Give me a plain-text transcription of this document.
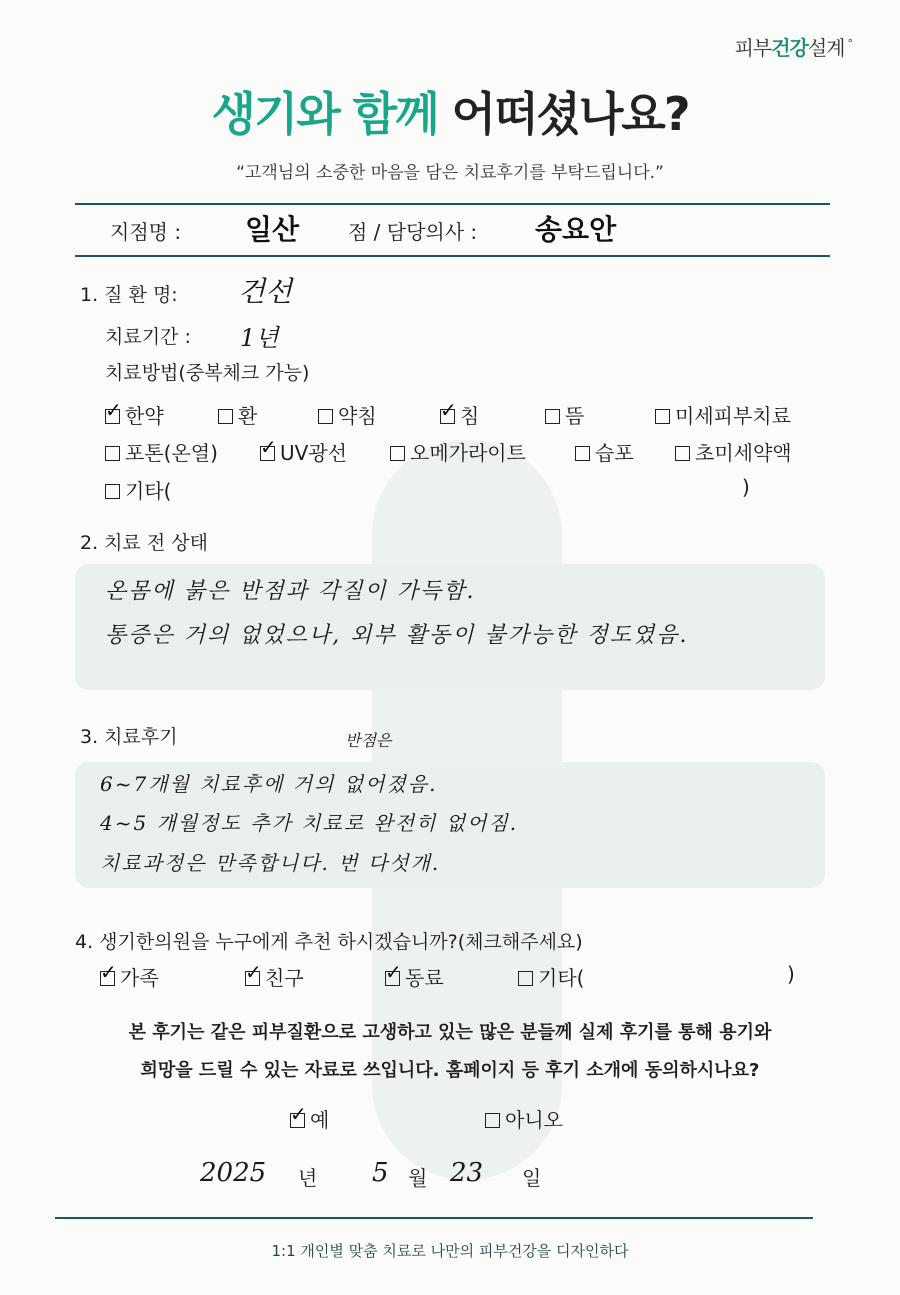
피부건강설계 °
생기와 함께 어떠셨나요?
“고객님의 소중한 마음을 담은 치료후기를 부탁드립니다.”
지점명 : 일산 점 / 담당의사 : 송요안
1. 질 환 명: 건선
치료기간 : 1년
치료방법(중복체크 가능)
✓한약	환	약침 ✓	침	뜸	미세피부치료
포톤(온열) ✓	UV광선	오메가라이트	습포	초미세약액
기타(	)
2. 치료 전 상태
온몸에 붉은 반점과 각질이 가득함.
통증은 거의 없었으나, 외부 활동이 불가능한 정도였음.
3. 치료후기	반점은
6~7개월 치료후에 거의 없어졌음.
4~5 개월정도 추가 치료로 완전히 없어짐.
치료과정은 만족합니다. 번 다섯개.
4. 생기한의원을 누구에게 추천 하시겠습니까?(체크해주세요)
✓가족 ✓	친구 ✓	동료	기타(	)
본 후기는 같은 피부질환으로 고생하고 있는 많은 분들께 실제 후기를 통해 용기와
희망을 드릴 수 있는 자료로 쓰입니다. 홈페이지 등 후기 소개에 동의하시나요?
✓예	아니오
2025 년 5 월 23 일
1:1 개인별 맞춤 치료로 나만의 피부건강을 디자인하다
